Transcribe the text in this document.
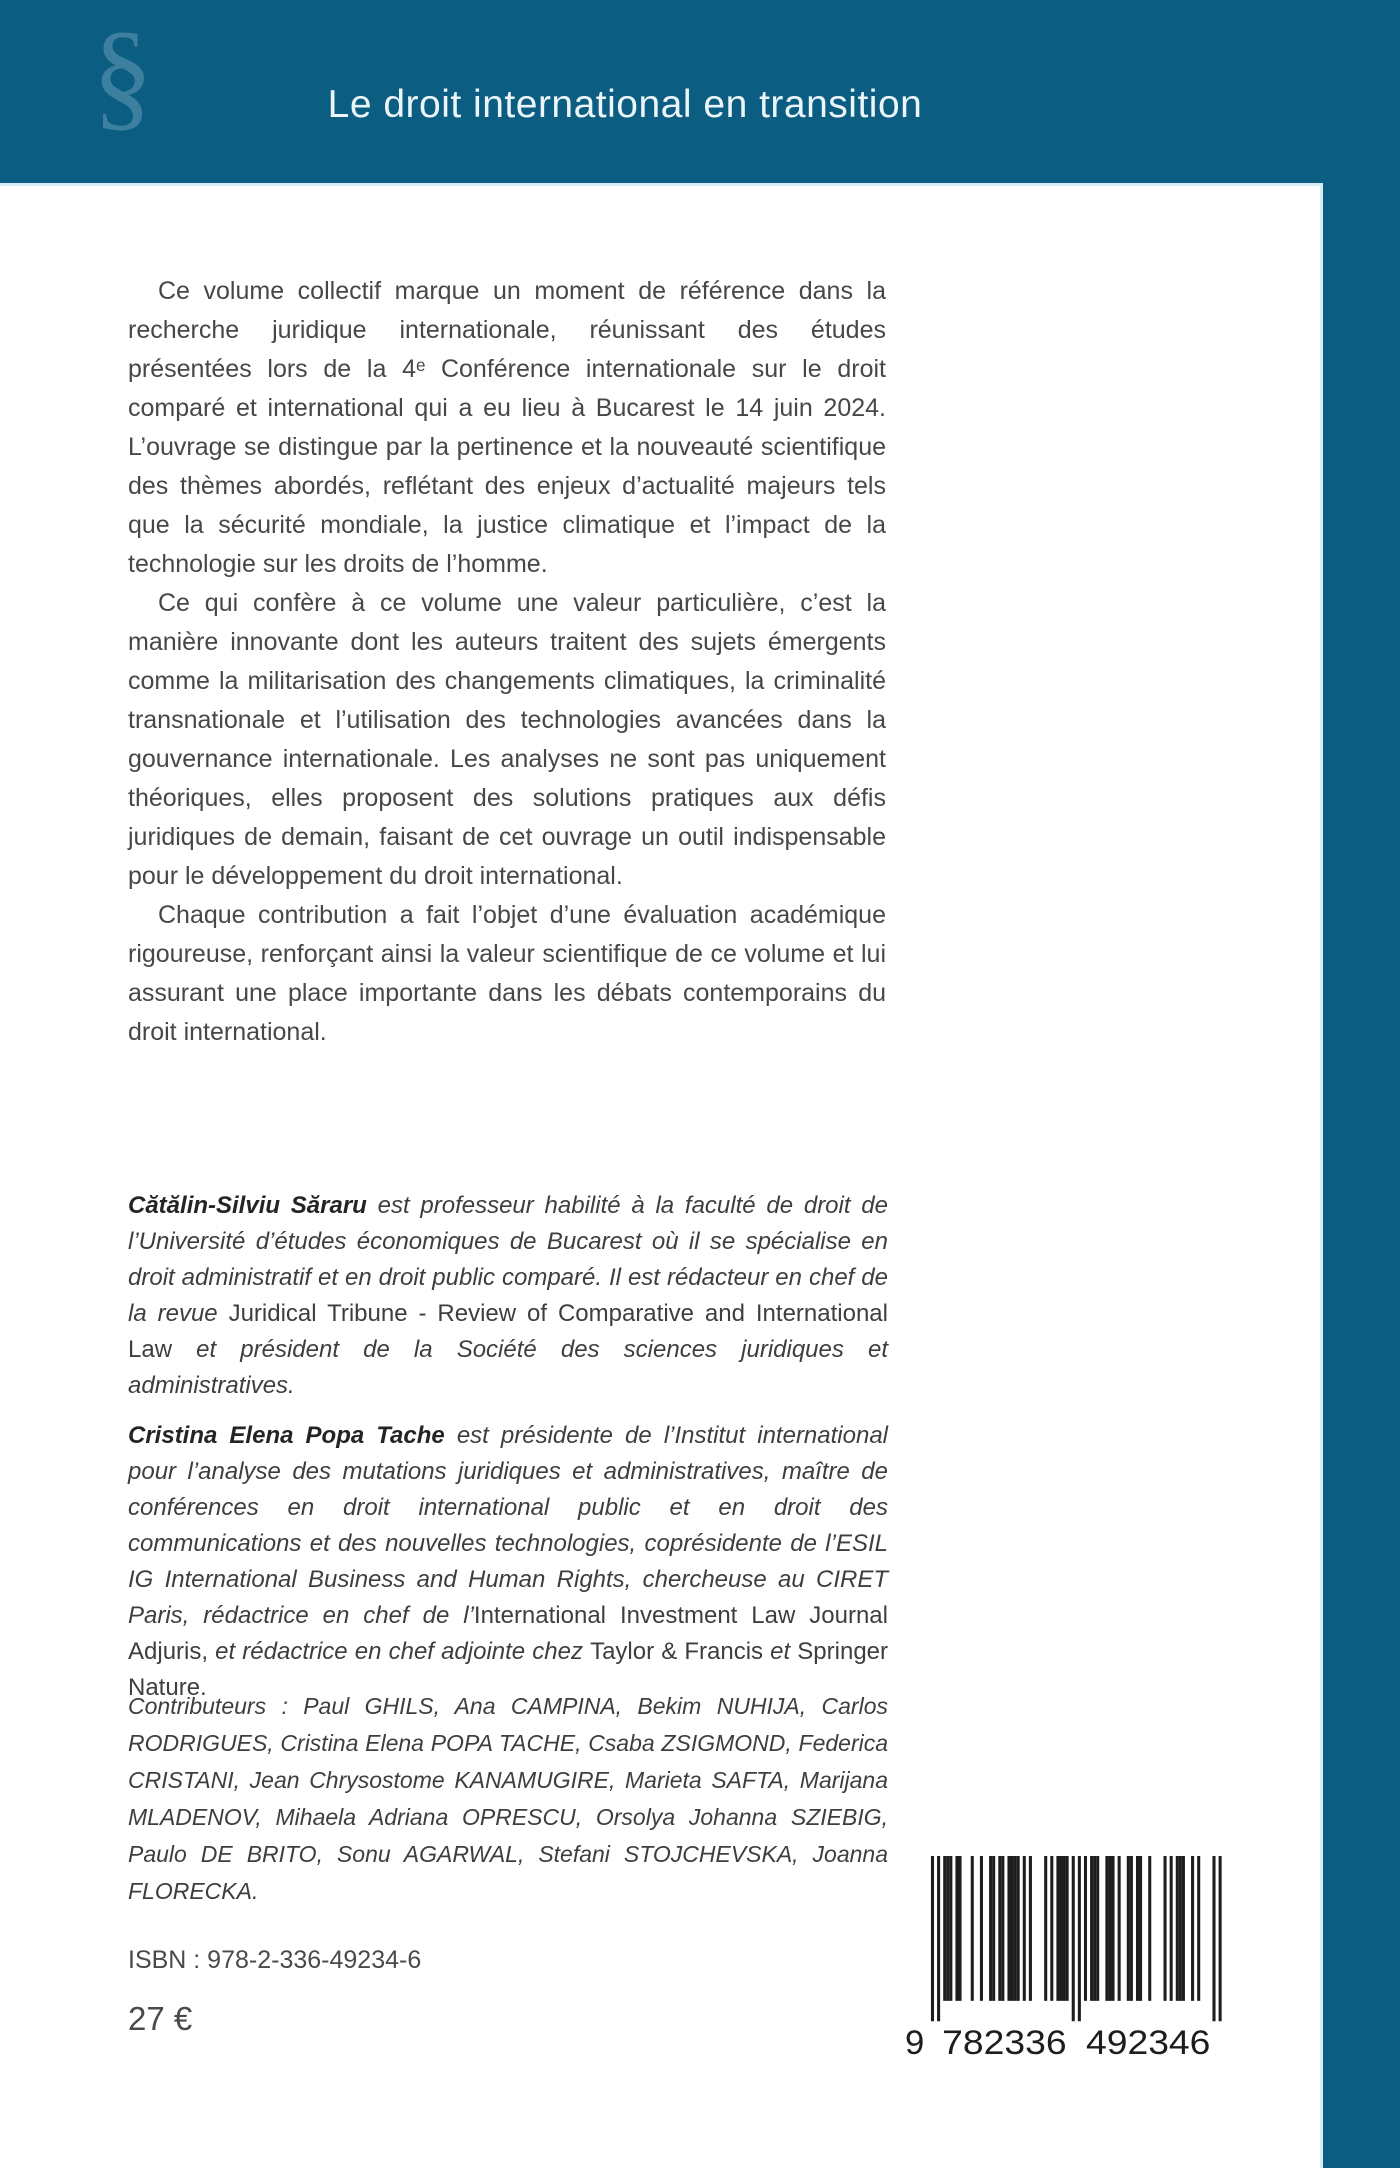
§	Le droit international en transition

Ce volume collectif marque un moment de référence dans la recherche juridique internationale, réunissant des études présentées lors de la 4ᵉ Conférence internationale sur le droit comparé et international qui a eu lieu à Bucarest le 14 juin 2024. L’ouvrage se distingue par la pertinence et la nouveauté scientifique des thèmes abordés, reflétant des enjeux d’actualité majeurs tels que la sécurité mondiale, la justice climatique et l’impact de la technologie sur les droits de l’homme.

Ce qui confère à ce volume une valeur particulière, c’est la manière innovante dont les auteurs traitent des sujets émergents comme la militarisation des changements climatiques, la criminalité transnationale et l’utilisation des technologies avancées dans la gouvernance internationale. Les analyses ne sont pas uniquement théoriques, elles proposent des solutions pratiques aux défis juridiques de demain, faisant de cet ouvrage un outil indispensable pour le développement du droit international.

Chaque contribution a fait l’objet d’une évaluation académique rigoureuse, renforçant ainsi la valeur scientifique de ce volume et lui assurant une place importante dans les débats contemporains du droit international.

Cătălin-Silviu Săraru est professeur habilité à la faculté de droit de l’Université d’études économiques de Bucarest où il se spécialise en droit administratif et en droit public comparé. Il est rédacteur en chef de la revue Juridical Tribune - Review of Comparative and International Law et président de la Société des sciences juridiques et administratives.

Cristina Elena Popa Tache est présidente de l’Institut international pour l’analyse des mutations juridiques et administratives, maître de conférences en droit international public et en droit des communications et des nouvelles technologies, coprésidente de l’ESIL IG International Business and Human Rights, chercheuse au CIRET Paris, rédactrice en chef de l’International Investment Law Journal Adjuris, et rédactrice en chef adjointe chez Taylor & Francis et Springer Nature.

Contributeurs : Paul GHILS, Ana CAMPINA, Bekim NUHIJA, Carlos RODRIGUES, Cristina Elena POPA TACHE, Csaba ZSIGMOND, Federica CRISTANI, Jean Chrysostome KANAMUGIRE, Marieta SAFTA, Marijana MLADENOV, Mihaela Adriana OPRESCU, Orsolya Johanna SZIEBIG, Paulo DE BRITO, Sonu AGARWAL, Stefani STOJCHEVSKA, Joanna FLORECKA.

ISBN : 978-2-336-49234-6
27 €
9 782336 492346
